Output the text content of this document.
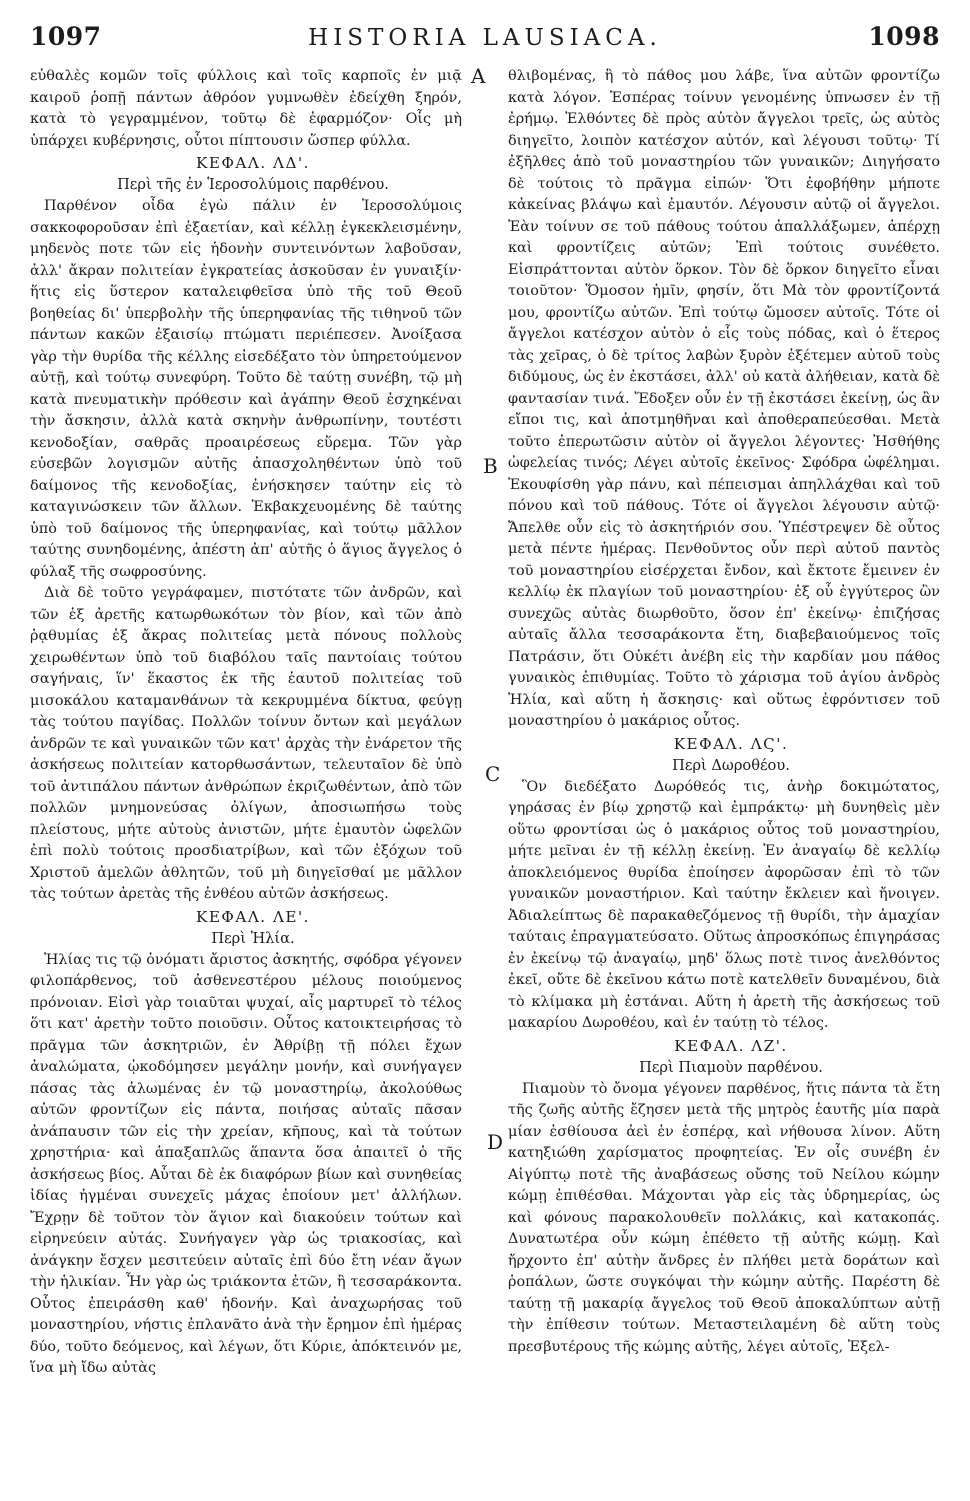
1097	HISTORIA LAUSIACA.	1098
A
B
C
D

εὐθαλὲς κομῶν τοῖς φύλλοις καὶ τοῖς καρποῖς ἐν μιᾷ καιροῦ ῥοπῇ πάντων ἀθρόον γυμνωθὲν ἐδείχθη ξηρόν, κατὰ τὸ γεγραμμένον, τοῦτῳ δὲ ἐφαρμόζον· Οἷς μὴ ὑπάρχει κυβέρνησις, οὗτοι πίπτουσιν ὥσπερ φύλλα.

ΚΕΦΑΛ. ΛΔ'.

Περὶ τῆς ἐν Ἱεροσολύμοις παρθένου.

Παρθένον οἶδα ἐγὼ πάλιν ἐν Ἱεροσολύμοις σακκοφοροῦσαν ἐπὶ ἑξαετίαν, καὶ κέλλῃ ἐγκεκλεισμένην, μηδενὸς ποτε τῶν εἰς ἡδονὴν συντεινόντων λαβοῦσαν, ἀλλ' ἄκραν πολιτείαν ἐγκρατείας ἀσκοῦσαν ἐν γυναιξίν· ἥτις εἰς ὕστερον καταλειφθεῖσα ὑπὸ τῆς τοῦ Θεοῦ βοηθείας δι' ὑπερβολὴν τῆς ὑπερηφανίας τῆς τιθηνοῦ τῶν πάντων κακῶν ἐξαισίῳ πτώματι περιέπεσεν. Ἀνοίξασα γὰρ τὴν θυρίδα τῆς κέλλης εἰσεδέξατο τὸν ὑπηρετούμενον αὐτῇ, καὶ τούτῳ συνεφύρη. Τοῦτο δὲ ταύτῃ συνέβη, τῷ μὴ κατὰ πνευματικὴν πρόθεσιν καὶ ἀγάπην Θεοῦ ἐσχηκέναι τὴν ἄσκησιν, ἀλλὰ κατὰ σκηνὴν ἀνθρωπίνην, τουτέστι κενοδοξίαν, σαθρᾶς προαιρέσεως εὕρεμα. Τῶν γὰρ εὐσεβῶν λογισμῶν αὐτῆς ἀπασχοληθέντων ὑπὸ τοῦ δαίμονος τῆς κενοδοξίας, ἐνήσκησεν ταύτην εἰς τὸ καταγινώσκειν τῶν ἄλλων. Ἐκβακχευομένης δὲ ταύτης ὑπὸ τοῦ δαίμονος τῆς ὑπερηφανίας, καὶ τούτῳ μᾶλλον ταύτης συνηδομένης, ἀπέστη ἀπ' αὐτῆς ὁ ἅγιος ἄγγελος ὁ φύλαξ τῆς σωφροσύνης.

Διὰ δὲ τοῦτο γεγράφαμεν, πιστότατε τῶν ἀνδρῶν, καὶ τῶν ἐξ ἀρετῆς κατωρθωκότων τὸν βίον, καὶ τῶν ἀπὸ ῥᾳθυμίας ἐξ ἄκρας πολιτείας μετὰ πόνους πολλοὺς χειρωθέντων ὑπὸ τοῦ διαβόλου ταῖς παντοίαις τούτου σαγήναις, ἵν' ἕκαστος ἐκ τῆς ἑαυτοῦ πολιτείας τοῦ μισοκάλου καταμανθάνων τὰ κεκρυμμένα δίκτυα, φεύγῃ τὰς τούτου παγίδας. Πολλῶν τοίνυν ὄντων καὶ μεγάλων ἀνδρῶν τε καὶ γυναικῶν τῶν κατ' ἀρχὰς τὴν ἐνάρετον τῆς ἀσκήσεως πολιτείαν κατορθωσάντων, τελευταῖον δὲ ὑπὸ τοῦ ἀντιπάλου πάντων ἀνθρώπων ἐκριζωθέντων, ἀπὸ τῶν πολλῶν μνημονεύσας ὀλίγων, ἀποσιωπήσω τοὺς πλείστους, μήτε αὐτοὺς ἀνιστῶν, μήτε ἐμαυτὸν ὠφελῶν ἐπὶ πολὺ τούτοις προσδιατρίβων, καὶ τῶν ἐξόχων τοῦ Χριστοῦ ἀμελῶν ἀθλητῶν, τοῦ μὴ διηγεῖσθαί με μᾶλλον τὰς τούτων ἀρετὰς τῆς ἐνθέου αὐτῶν ἀσκήσεως.

ΚΕΦΑΛ. ΛΕ'.

Περὶ Ἠλία.

Ἠλίας τις τῷ ὀνόματι ἄριστος ἀσκητής, σφόδρα γέγονεν φιλοπάρθενος, τοῦ ἀσθενεστέρου μέλους ποιούμενος πρόνοιαν. Εἰσὶ γὰρ τοιαῦται ψυχαί, αἷς μαρτυρεῖ τὸ τέλος ὅτι κατ' ἀρετὴν τοῦτο ποιοῦσιν. Οὗτος κατοικτειρήσας τὸ πρᾶγμα τῶν ἀσκητριῶν, ἐν Ἀθρίβῃ τῇ πόλει ἔχων ἀναλώματα, ᾠκοδόμησεν μεγάλην μονήν, καὶ συνήγαγεν πάσας τὰς ἀλωμένας ἐν τῷ μοναστηρίῳ, ἀκολούθως αὐτῶν φροντίζων εἰς πάντα, ποιήσας αὐταῖς πᾶσαν ἀνάπαυσιν τῶν εἰς τὴν χρείαν, κῆπους, καὶ τὰ τούτων χρηστήρια· καὶ ἁπαξαπλῶς ἅπαντα ὅσα ἀπαιτεῖ ὁ τῆς ἀσκήσεως βίος. Αὗται δὲ ἐκ διαφόρων βίων καὶ συνηθείας ἰδίας ἠγμέναι συνεχεῖς μάχας ἐποίουν μετ' ἀλλήλων. Ἔχρῃν δὲ τοῦτον τὸν ἅγιον καὶ διακούειν τούτων καὶ εἰρηνεύειν αὐτάς. Συνήγαγεν γὰρ ὡς τριακοσίας, καὶ ἀνάγκην ἔσχεν μεσιτεύειν αὐταῖς ἐπὶ δύο ἔτη νέαν ἄγων τὴν ἡλικίαν. Ἦν γὰρ ὡς τριάκοντα ἐτῶν, ἢ τεσσαράκοντα. Οὗτος ἐπειράσθη καθ' ἡδονήν. Καὶ ἀναχωρήσας τοῦ μοναστηρίου, νήστις ἐπλανᾶτο ἀνὰ τὴν ἔρημον ἐπὶ ἡμέρας δύο, τοῦτο δεόμενος, καὶ λέγων, ὅτι Κύριε, ἀπόκτεινόν με, ἵνα μὴ ἴδω αὐτὰς

θλιβομένας, ἢ τὸ πάθος μου λάβε, ἵνα αὐτῶν φροντίζω κατὰ λόγον. Ἑσπέρας τοίνυν γενομένης ὑπνωσεν ἐν τῇ ἐρήμῳ. Ἐλθόντες δὲ πρὸς αὐτὸν ἄγγελοι τρεῖς, ὡς αὐτὸς διηγεῖτο, λοιπὸν κατέσχον αὐτόν, καὶ λέγουσι τοῦτῳ· Τί ἐξῆλθες ἀπὸ τοῦ μοναστηρίου τῶν γυναικῶν; Διηγήσατο δὲ τούτοις τὸ πρᾶγμα εἰπών· Ὅτι ἐφοβήθην μήποτε κἀκείνας βλάψω καὶ ἐμαυτόν. Λέγουσιν αὐτῷ οἱ ἄγγελοι. Ἐὰν τοίνυν σε τοῦ πάθους τούτου ἀπαλλάξωμεν, ἀπέρχῃ καὶ φροντίζεις αὐτῶν; Ἐπὶ τούτοις συνέθετο. Εἰσπράττονται αὐτὸν ὅρκον. Τὸν δὲ ὅρκον διηγεῖτο εἶναι τοιοῦτον· Ὅμοσον ἡμῖν, φησίν, ὅτι Μὰ τὸν φροντίζοντά μου, φροντίζω αὐτῶν. Ἐπὶ τούτῳ ὤμοσεν αὐτοῖς. Τότε οἱ ἄγγελοι κατέσχον αὐτὸν ὁ εἷς τοὺς πόδας, καὶ ὁ ἕτερος τὰς χεῖρας, ὁ δὲ τρίτος λαβὼν ξυρὸν ἐξέτεμεν αὐτοῦ τοὺς διδύμους, ὡς ἐν ἐκστάσει, ἀλλ' οὐ κατὰ ἀλήθειαν, κατὰ δὲ φαντασίαν τινά. Ἔδοξεν οὖν ἐν τῇ ἐκστάσει ἐκείνῃ, ὡς ἂν εἴποι τις, καὶ ἀποτμηθῆναι καὶ ἀποθεραπεύεσθαι. Μετὰ τοῦτο ἐπερωτῶσιν αὐτὸν οἱ ἄγγελοι λέγοντες· Ἠσθήθης ὠφελείας τινός; Λέγει αὐτοῖς ἐκεῖνος· Σφόδρα ὠφέλημαι. Ἐκουφίσθη γὰρ πάνυ, καὶ πέπεισμαι ἀπηλλάχθαι καὶ τοῦ πόνου καὶ τοῦ πάθους. Τότε οἱ ἄγγελοι λέγουσιν αὐτῷ· Ἄπελθε οὖν εἰς τὸ ἀσκητήριόν σου. Ὑπέστρεψεν δὲ οὗτος μετὰ πέντε ἡμέρας. Πενθοῦντος οὖν περὶ αὐτοῦ παντὸς τοῦ μοναστηρίου εἰσέρχεται ἔνδον, καὶ ἔκτοτε ἔμεινεν ἐν κελλίῳ ἐκ πλαγίων τοῦ μοναστηρίου· ἐξ οὗ ἐγγύτερος ὢν συνεχῶς αὐτὰς διωρθοῦτο, ὅσον ἐπ' ἐκείνῳ· ἐπιζήσας αὐταῖς ἄλλα τεσσαράκοντα ἔτη, διαβεβαιούμενος τοῖς Πατράσιν, ὅτι Οὐκέτι ἀνέβη εἰς τὴν καρδίαν μου πάθος γυναικὸς ἐπιθυμίας. Τοῦτο τὸ χάρισμα τοῦ ἁγίου ἀνδρὸς Ἠλία, καὶ αὕτη ἡ ἄσκησις· καὶ οὕτως ἐφρόντισεν τοῦ μοναστηρίου ὁ μακάριος οὗτος.

ΚΕΦΑΛ. ΛϚ'.

Περὶ Δωροθέου.

Ὃν διεδέξατο Δωρόθεός τις, ἀνὴρ δοκιμώτατος, γηράσας ἐν βίῳ χρηστῷ καὶ ἐμπράκτῳ· μὴ δυνηθεὶς μὲν οὕτω φροντίσαι ὡς ὁ μακάριος οὗτος τοῦ μοναστηρίου, μήτε μεῖναι ἐν τῇ κέλλῃ ἐκείνῃ. Ἐν ἀναγαίῳ δὲ κελλίῳ ἀποκλειόμενος θυρίδα ἐποίησεν ἀφορῶσαν ἐπὶ τὸ τῶν γυναικῶν μοναστήριον. Καὶ ταύτην ἔκλειεν καὶ ἤνοιγεν. Ἀδιαλείπτως δὲ παρακαθεζόμενος τῇ θυρίδι, τὴν ἀμαχίαν ταύταις ἐπραγματεύσατο. Οὕτως ἀπροσκόπως ἐπιγηράσας ἐν ἐκείνῳ τῷ ἀναγαίῳ, μηδ' ὅλως ποτὲ τινος ἀνελθόντος ἐκεῖ, οὔτε δὲ ἐκεῖνου κάτω ποτὲ κατελθεῖν δυναμένου, διὰ τὸ κλίμακα μὴ ἐστάναι. Αὕτη ἡ ἀρετὴ τῆς ἀσκήσεως τοῦ μακαρίου Δωροθέου, καὶ ἐν ταύτῃ τὸ τέλος.

ΚΕΦΑΛ. ΛΖ'.

Περὶ Πιαμοὺν παρθένου.

Πιαμοὺν τὸ ὄνομα γέγονεν παρθένος, ἥτις πάντα τὰ ἔτη τῆς ζωῆς αὐτῆς ἔζησεν μετὰ τῆς μητρὸς ἑαυτῆς μία παρὰ μίαν ἐσθίουσα ἀεὶ ἐν ἑσπέρᾳ, καὶ νήθουσα λίνον. Αὕτη κατηξιώθη χαρίσματος προφητείας. Ἐν οἷς συνέβη ἐν Αἰγύπτῳ ποτὲ τῆς ἀναβάσεως οὔσης τοῦ Νείλου κώμην κώμῃ ἐπιθέσθαι. Μάχονται γὰρ εἰς τὰς ὑδρημερίας, ὡς καὶ φόνους παρακολουθεῖν πολλάκις, καὶ κατακοπάς. Δυνατωτέρα οὖν κώμη ἐπέθετο τῇ αὐτῆς κώμῃ. Καὶ ἤρχοντο ἐπ' αὐτὴν ἄνδρες ἐν πλήθει μετὰ δοράτων καὶ ῥοπάλων, ὥστε συγκόψαι τὴν κώμην αὐτῆς. Παρέστη δὲ ταύτῃ τῇ μακαρίᾳ ἄγγελος τοῦ Θεοῦ ἀποκαλύπτων αὐτῇ τὴν ἐπίθεσιν τούτων. Μεταστειλαμένη δὲ αὕτη τοὺς πρεσβυτέρους τῆς κώμης αὐτῆς, λέγει αὐτοῖς, Ἐξελ-
